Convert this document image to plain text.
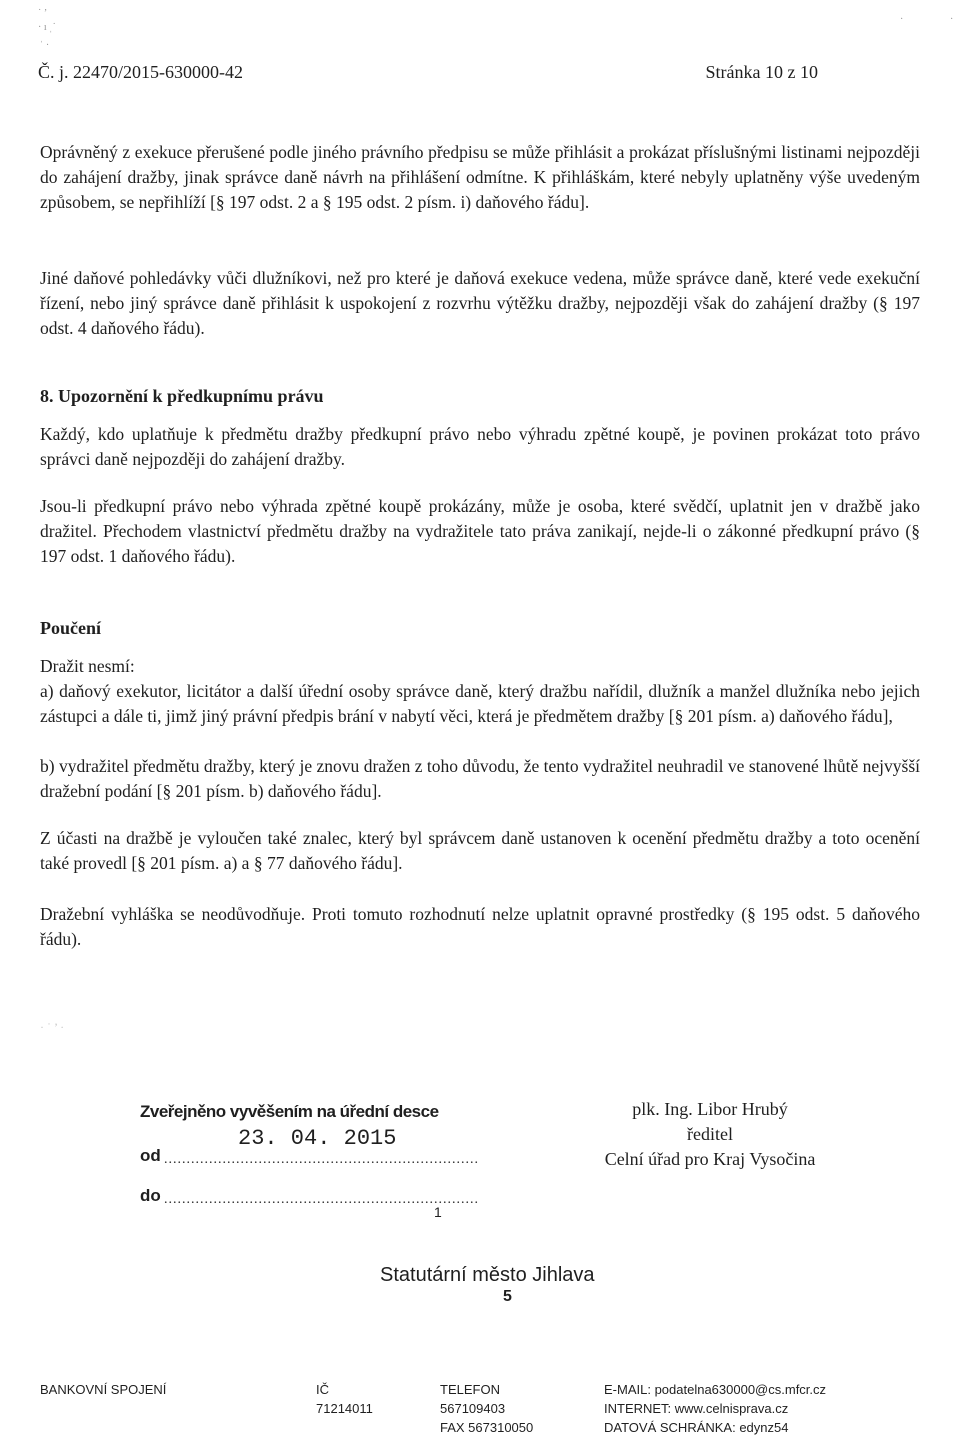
˙ ’
· ı ˌ˙
ˈ ·
·	·
Č. j. 22470/2015-630000-42	Stránka 10 z 10

Oprávněný z exekuce přerušené podle jiného právního předpisu se může přihlásit a prokázat příslušnými listinami nejpozději do zahájení dražby, jinak správce daně návrh na přihlášení odmítne. K přihláškám, které nebyly uplatněny výše uvedeným způsobem, se nepřihlíží [§ 197 odst. 2 a § 195 odst. 2 písm. i) daňového řádu].

Jiné daňové pohledávky vůči dlužníkovi, než pro které je daňová exekuce vedena, může správce daně, které vede exekuční řízení, nebo jiný správce daně přihlásit k uspokojení z rozvrhu výtěžku dražby, nejpozději však do zahájení dražby (§ 197 odst. 4 daňového řádu).

8. Upozornění k předkupnímu právu

Každý, kdo uplatňuje k předmětu dražby předkupní právo nebo výhradu zpětné koupě, je povinen prokázat toto právo správci daně nejpozději do zahájení dražby.

Jsou-li předkupní právo nebo výhrada zpětné koupě prokázány, může je osoba, které svědčí, uplatnit jen v dražbě jako dražitel. Přechodem vlastnictví předmětu dražby na vydražitele tato práva zanikají, nejde-li o zákonné předkupní právo (§ 197 odst. 1 daňového řádu).

Poučení

Dražit nesmí:

a) daňový exekutor, licitátor a další úřední osoby správce daně, který dražbu nařídil, dlužník a manžel dlužníka nebo jejich zástupci a dále ti, jimž jiný právní předpis brání v nabytí věci, která je předmětem dražby [§ 201 písm. a) daňového řádu],

b) vydražitel předmětu dražby, který je znovu dražen z toho důvodu, že tento vydražitel neuhradil ve stanovené lhůtě nejvyšší dražební podání [§ 201 písm. b) daňového řádu].

Z účasti na dražbě je vyloučen také znalec, který byl správcem daně ustanoven k ocenění předmětu dražby a toto ocenění také provedl [§ 201 písm. a) a § 77 daňového řádu].

Dražební vyhláška se neodůvodňuje. Proti tomuto rozhodnutí nelze uplatnit opravné prostředky (§ 195 odst. 5 daňového řádu).

· ˙ ’ ·
Zveřejněno vyvěšením na úřední desce
23. 04. 2015
od ......................................................................
do ......................................................................
1
Statutární město Jihlava
5
plk. Ing. Libor Hrubý
ředitel
Celní úřad pro Kraj Vysočina
BANKOVNÍ SPOJENÍ	IČ
71214011
TELEFON
567109403
FAX 567310050
E-MAIL: podatelna630000@cs.mfcr.cz
INTERNET: www.celnisprava.cz
DATOVÁ SCHRÁNKA: edynz54
